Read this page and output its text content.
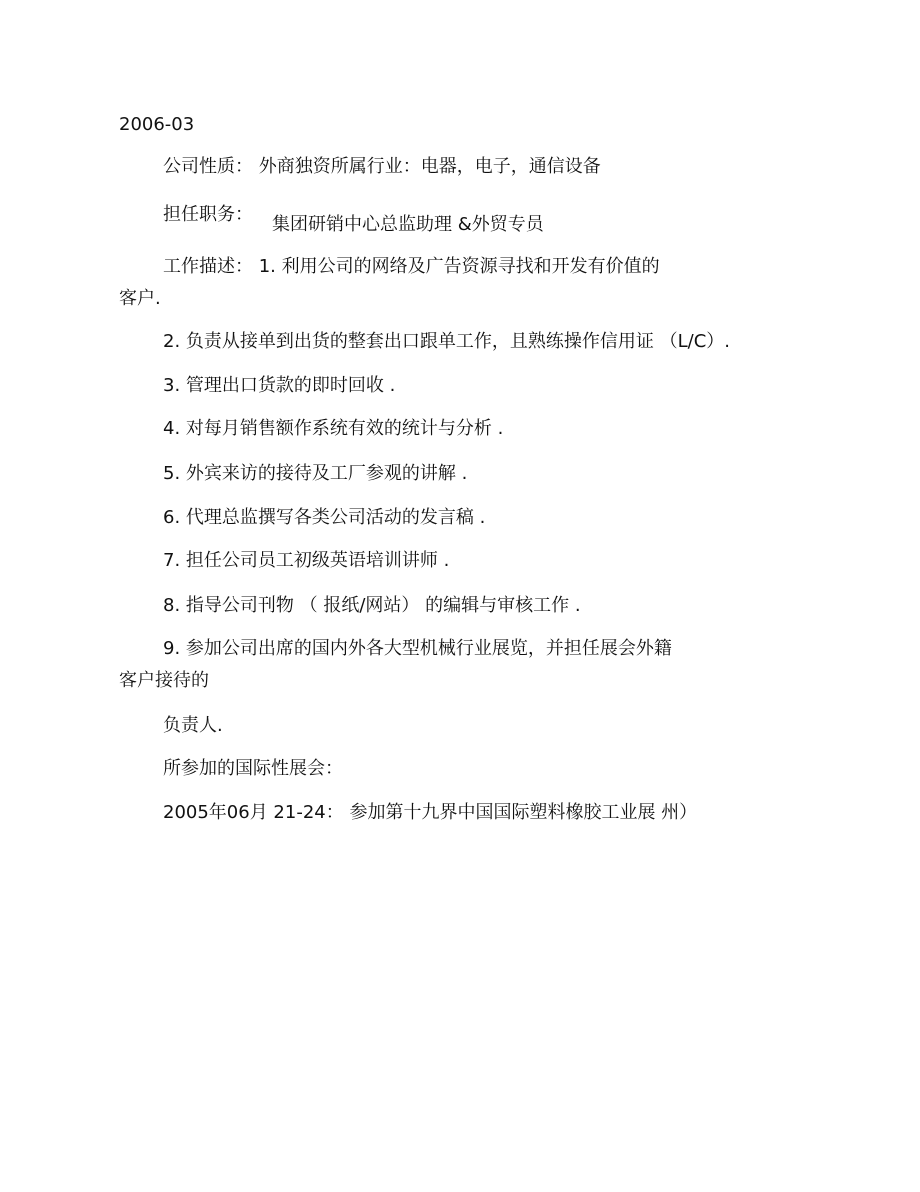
2006-03
公司性质： 外商独资所属行业：电器，电子，通信设备
担任职务： 集团研销中心总监助理 &外贸专员
工作描述： 1. 利用公司的网络及广告资源寻找和开发有价值的
客户.
2. 负责从接单到出货的整套出口跟单工作，且熟练操作信用证 （L/C）.
3. 管理出口货款的即时回收 .
4. 对每月销售额作系统有效的统计与分析 .
5. 外宾来访的接待及工厂参观的讲解 .
6. 代理总监撰写各类公司活动的发言稿 .
7. 担任公司员工初级英语培训讲师 .
8. 指导公司刊物 （ 报纸/网站） 的编辑与审核工作 .
9. 参加公司出席的国内外各大型机械行业展览，并担任展会外籍
客户接待的
负责人.
所参加的国际性展会：
2005年06月 21-24： 参加第十九界中国国际塑料橡胶工业展 州）
